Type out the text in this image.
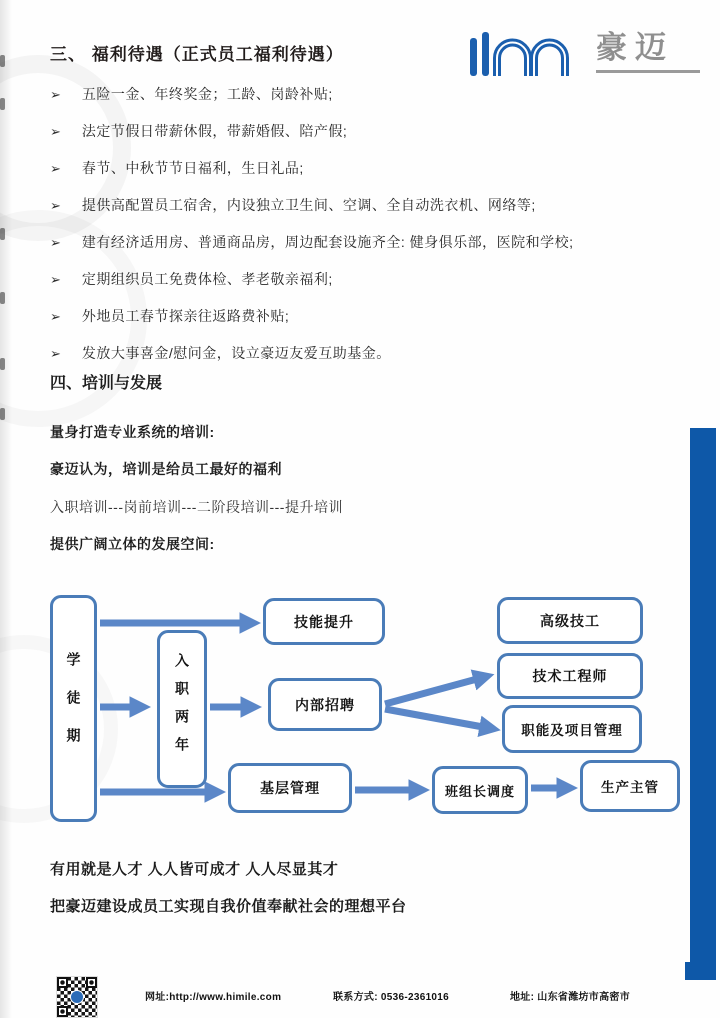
三、 福利待遇（正式员工福利待遇）	豪迈
➢ 五险一金、年终奖金；工龄、岗龄补贴;
➢ 法定节假日带薪休假，带薪婚假、陪产假;
➢ 春节、中秋节节日福利，生日礼品;
➢ 提供高配置员工宿舍，内设独立卫生间、空调、全自动洗衣机、网络等;
➢ 建有经济适用房、普通商品房，周边配套设施齐全: 健身俱乐部，医院和学校;
➢ 定期组织员工免费体检、孝老敬亲福利;
➢ 外地员工春节探亲往返路费补贴;
➢ 发放大事喜金/慰问金，设立豪迈友爱互助基金。
四、培训与发展

量身打造专业系统的培训:

豪迈认为，培训是给员工最好的福利

入职培训---岗前培训---二阶段培训---提升培训

提供广阔立体的发展空间:

学徒期	入职两年
技能提升	高级技工
内部招聘
技术工程师
职能及项目管理
基层管理	班组长调度	生产主管

有用就是人才 人人皆可成才 人人尽显其才

把豪迈建设成员工实现自我价值奉献社会的理想平台

网址:http://www.himile.com	联系方式: 0536-2361016	地址: 山东省潍坊市高密市
